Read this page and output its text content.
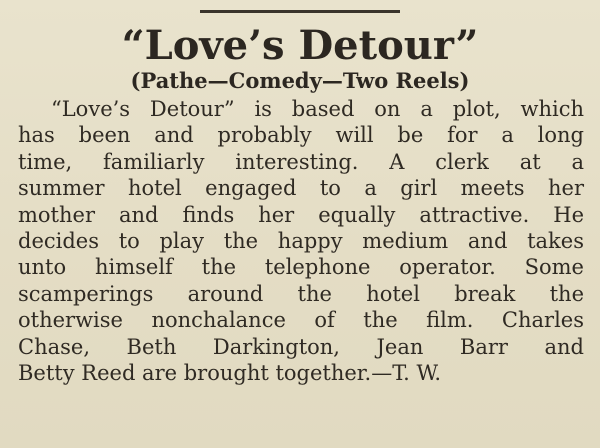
“Love’s Detour”
(Pathe—Comedy—Two Reels)
“Love’s Detour” is based on a plot, which
has been and probably will be for a long
time, familiarly interesting. A clerk at a
summer hotel engaged to a girl meets her
mother and finds her equally attractive. He
decides to play the happy medium and takes
unto himself the telephone operator. Some
scamperings around the hotel break the
otherwise nonchalance of the film. Charles
Chase, Beth Darkington, Jean Barr and
Betty Reed are brought together.—T. W.
